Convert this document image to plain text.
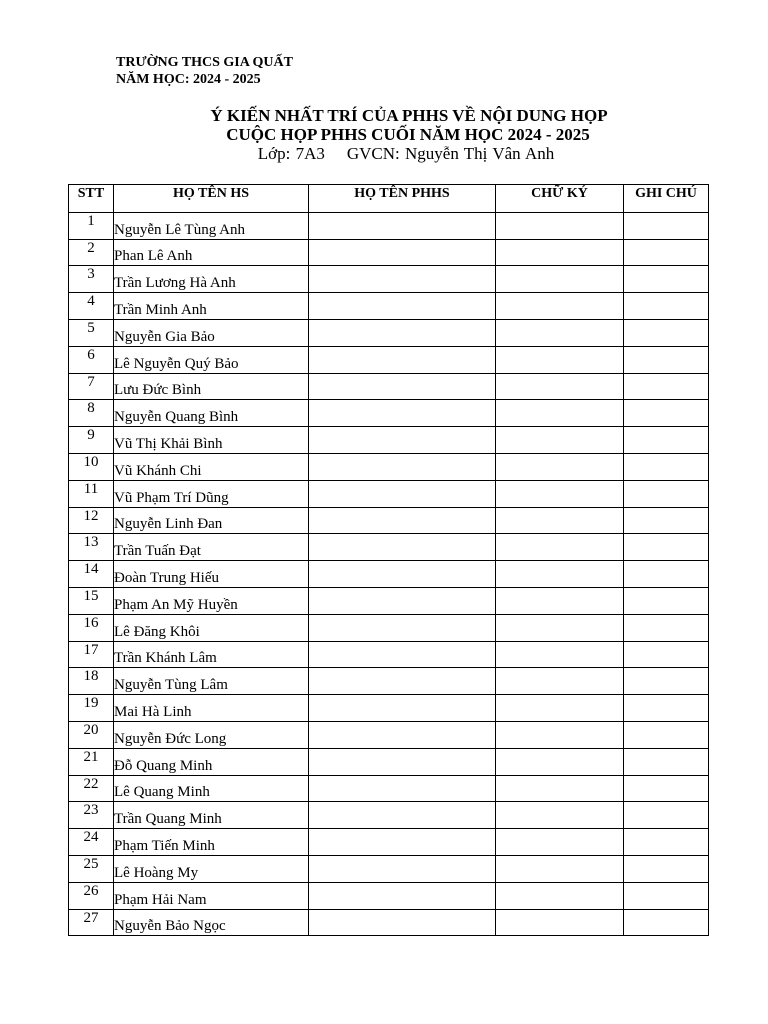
TRƯỜNG THCS GIA QUẤT
NĂM HỌC: 2024 - 2025
Ý KIẾN NHẤT TRÍ CỦA PHHS VỀ NỘI DUNG HỌP
CUỘC HỌP PHHS CUỐI NĂM HỌC 2024 - 2025
Lớp: 7A3 GVCN: Nguyễn Thị Vân Anh
STT	HỌ TÊN HS	HỌ TÊN PHHS	CHỮ KÝ	GHI CHÚ
1	Nguyễn Lê Tùng Anh			
2	Phan Lê Anh			
3	Trần Lương Hà Anh			
4	Trần Minh Anh			
5	Nguyễn Gia Bảo			
6	Lê Nguyễn Quý Bảo			
7	Lưu Đức Bình			
8	Nguyễn Quang Bình			
9	Vũ Thị Khải Bình			
10	Vũ Khánh Chi			
11	Vũ Phạm Trí Dũng			
12	Nguyễn Linh Đan			
13	Trần Tuấn Đạt			
14	Đoàn Trung Hiếu			
15	Phạm An Mỹ Huyền			
16	Lê Đăng Khôi			
17	Trần Khánh Lâm			
18	Nguyễn Tùng Lâm			
19	Mai Hà Linh			
20	Nguyễn Đức Long			
21	Đỗ Quang Minh			
22	Lê Quang Minh			
23	Trần Quang Minh			
24	Phạm Tiến Minh			
25	Lê Hoàng My			
26	Phạm Hải Nam			
27	Nguyễn Bảo Ngọc			
